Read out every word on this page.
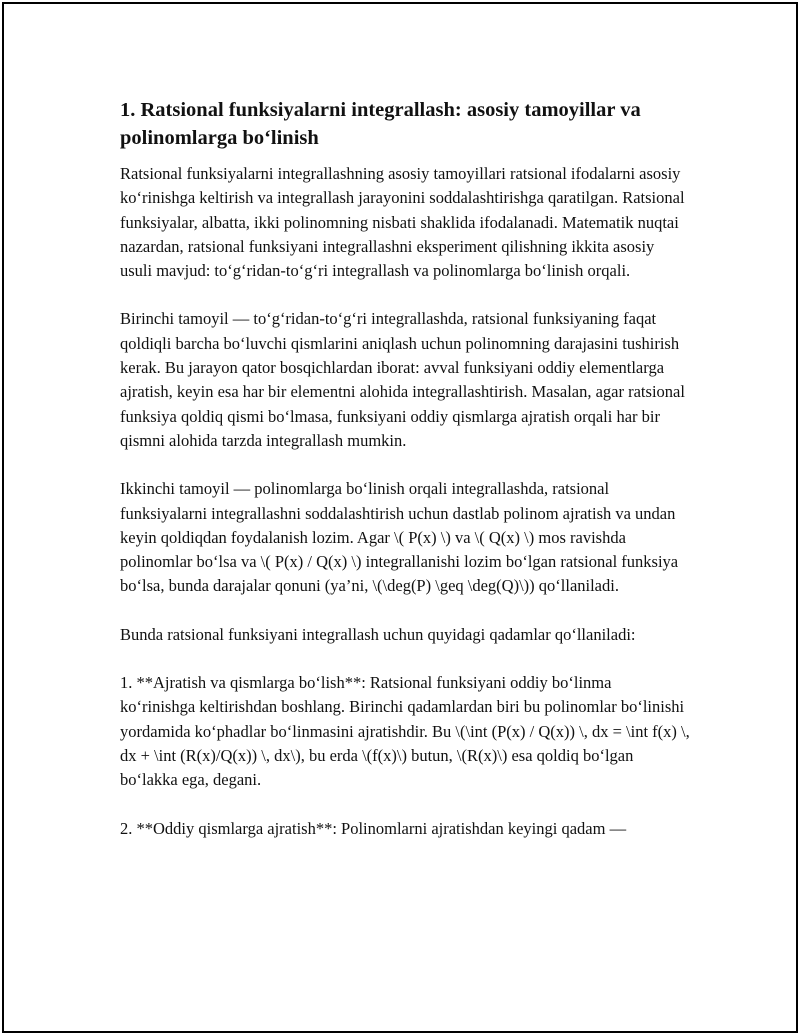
1. Ratsional funksiyalarni integrallash: asosiy tamoyillar va polinomlarga bo‘linish

Ratsional funksiyalarni integrallashning asosiy tamoyillari ratsional ifodalarni asosiy ko‘rinishga keltirish va integrallash jarayonini soddalashtirishga qaratilgan. Ratsional funksiyalar, albatta, ikki polinomning nisbati shaklida ifodalanadi. Matematik nuqtai nazardan, ratsional funksiyani integrallashni eksperiment qilishning ikkita asosiy usuli mavjud: to‘g‘ridan-to‘g‘ri integrallash va polinomlarga bo‘linish orqali.

Birinchi tamoyil — to‘g‘ridan-to‘g‘ri integrallashda, ratsional funksiyaning faqat qoldiqli barcha bo‘luvchi qismlarini aniqlash uchun polinomning darajasini tushirish kerak. Bu jarayon qator bosqichlardan iborat: avval funksiyani oddiy elementlarga ajratish, keyin esa har bir elementni alohida integrallashtirish. Masalan, agar ratsional funksiya qoldiq qismi bo‘lmasa, funksiyani oddiy qismlarga ajratish orqali har bir qismni alohida tarzda integrallash mumkin.

Ikkinchi tamoyil — polinomlarga bo‘linish orqali integrallashda, ratsional funksiyalarni integrallashni soddalashtirish uchun dastlab polinom ajratish va undan keyin qoldiqdan foydalanish lozim. Agar \( P(x) \) va \( Q(x) \) mos ravishda polinomlar bo‘lsa va \( P(x) / Q(x) \) integrallanishi lozim bo‘lgan ratsional funksiya bo‘lsa, bunda darajalar qonuni (ya’ni, \(\deg(P) \geq \deg(Q)\)) qo‘llaniladi.

Bunda ratsional funksiyani integrallash uchun quyidagi qadamlar qo‘llaniladi:

1. **Ajratish va qismlarga bo‘lish**: Ratsional funksiyani oddiy bo‘linma ko‘rinishga keltirishdan boshlang. Birinchi qadamlardan biri bu polinomlar bo‘linishi yordamida ko‘phadlar bo‘linmasini ajratishdir. Bu \(\int (P(x) / Q(x)) \, dx = \int f(x) \, dx + \int (R(x)/Q(x)) \, dx\), bu erda \(f(x)\) butun, \(R(x)\) esa qoldiq bo‘lgan bo‘lakka ega, degani.

2. **Oddiy qismlarga ajratish**: Polinomlarni ajratishdan keyingi qadam —
